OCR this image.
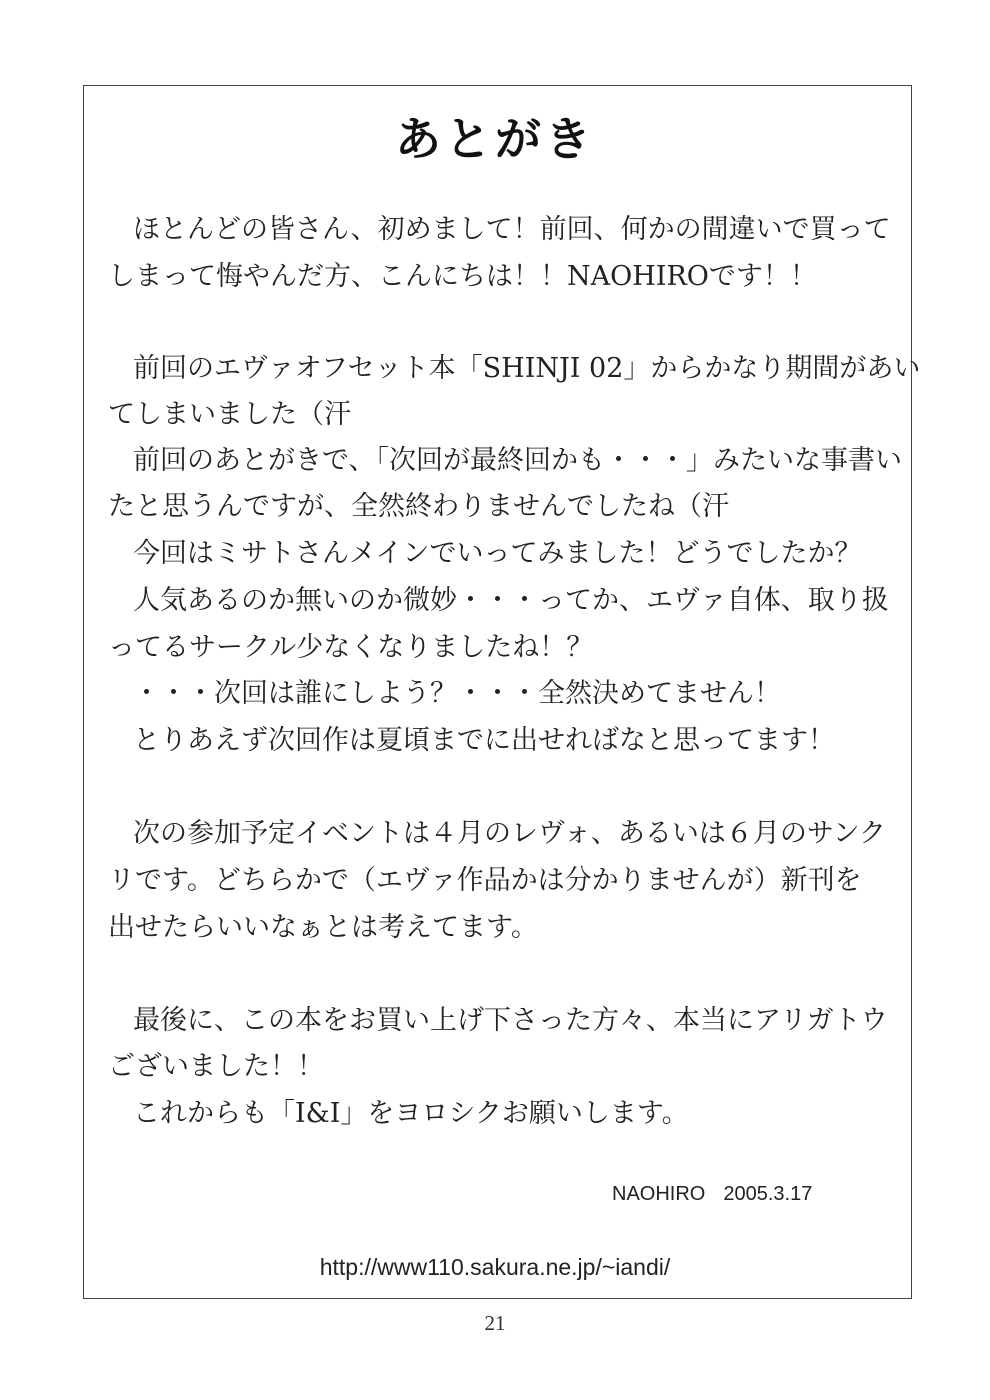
あとがき
ほとんどの皆さん、初めまして！前回、何かの間違いで買って
しまって悔やんだ方、こんにちは！！NAOHIROです！！
前回のエヴァオフセット本「SHINJI 02」からかなり期間があい
てしまいました（汗
前回のあとがきで、「次回が最終回かも・・・」みたいな事書い
たと思うんですが、全然終わりませんでしたね（汗
今回はミサトさんメインでいってみました！どうでしたか？
人気あるのか無いのか微妙・・・ってか、エヴァ自体、取り扱
ってるサークル少なくなりましたね！？
・・・次回は誰にしよう？・・・全然決めてません！
とりあえず次回作は夏頃までに出せればなと思ってます！
次の参加予定イベントは４月のレヴォ、あるいは６月のサンク
リです。どちらかで（エヴァ作品かは分かりませんが）新刊を
出せたらいいなぁとは考えてます。
最後に、この本をお買い上げ下さった方々、本当にアリガトウ
ございました！！
これからも「I&I」をヨロシクお願いします。
NAOHIRO 2005.3.17
http://www110.sakura.ne.jp/~iandi/
21
